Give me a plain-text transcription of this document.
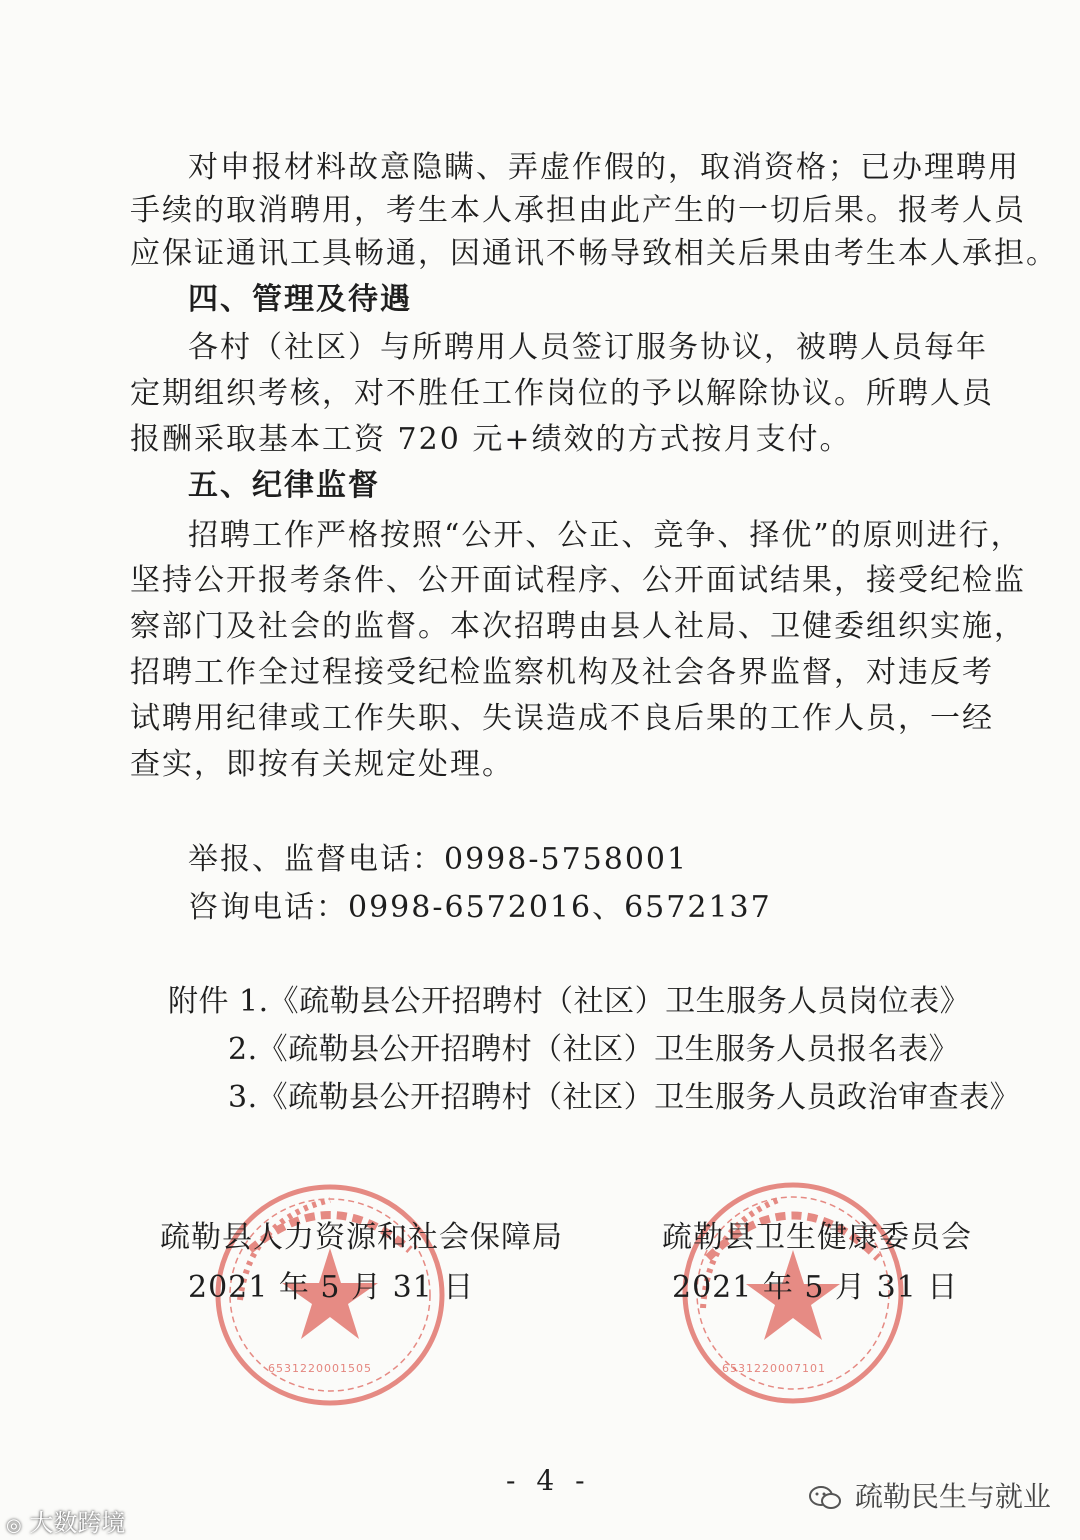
对申报材料故意隐瞒、弄虚作假的，取消资格；已办理聘用
手续的取消聘用，考生本人承担由此产生的一切后果。报考人员
应保证通讯工具畅通，因通讯不畅导致相关后果由考生本人承担。
四、管理及待遇
各村（社区）与所聘用人员签订服务协议，被聘人员每年
定期组织考核，对不胜任工作岗位的予以解除协议。所聘人员
报酬采取基本工资 720 元+绩效的方式按月支付。
五、纪律监督
招聘工作严格按照“公开、公正、竞争、择优”的原则进行，
坚持公开报考条件、公开面试程序、公开面试结果，接受纪检监
察部门及社会的监督。本次招聘由县人社局、卫健委组织实施，
招聘工作全过程接受纪检监察机构及社会各界监督，对违反考
试聘用纪律或工作失职、失误造成不良后果的工作人员，一经
查实，即按有关规定处理。
举报、监督电话：0998-5758001
咨询电话：0998-6572016、6572137
附件 1.《疏勒县公开招聘村（社区）卫生服务人员岗位表》
2.《疏勒县公开招聘村（社区）卫生服务人员报名表》
3.《疏勒县公开招聘村（社区）卫生服务人员政治审查表》
6531220001505	6531220007101
疏勒县人力资源和社会保障局
2021 年 5 月 31 日
疏勒县卫生健康委员会
2021 年 5 月 31 日
- 4 -
◎ 大数跨境
疏勒民生与就业
